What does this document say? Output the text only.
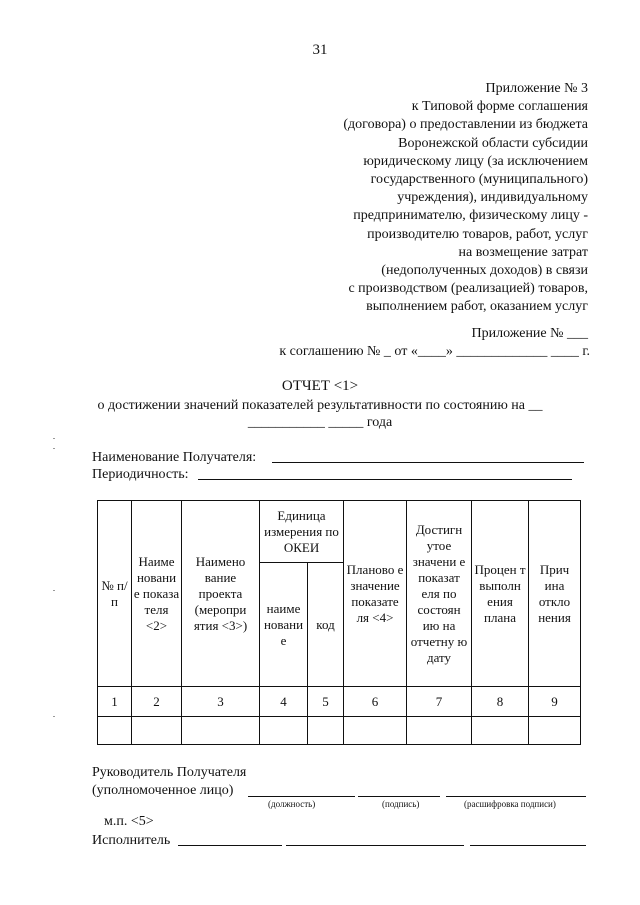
31
Приложение № 3
к Типовой форме соглашения
(договора) о предоставлении из бюджета
Воронежской области субсидии
юридическому лицу (за исключением
государственного (муниципального)
учреждения), индивидуальному
предпринимателю, физическому лицу -
производителю товаров, работ, услуг
на возмещение затрат
(недополученных доходов) в связи
с производством (реализацией) товаров,
выполнением работ, оказанием услуг
Приложение № ___
к соглашению № _ от «____» _____________ ____ г.
ОТЧЕТ <1>
о достижении значений показателей результативности по состоянию на __
___________ _____ года
Наименование Получателя:
Периодичность:
№ п/п	Наиме новани е показа теля <2>	Наимено вание проекта (меропри ятия <3>)	Единица измерения по ОКЕИ		Планово е значение показате ля <4>	Достигн утое значени е показат еля по состоян ию на отчетну ю дату	Процен т выполн ения плана	Прич ина откло нения
			наиме новани е	код				
1	2	3	4	5	6	7	8	9

Руководитель Получателя
(уполномоченное лицо)
(должность)	(подпись)	(расшифровка подписи)
м.п. <5>
Исполнитель
